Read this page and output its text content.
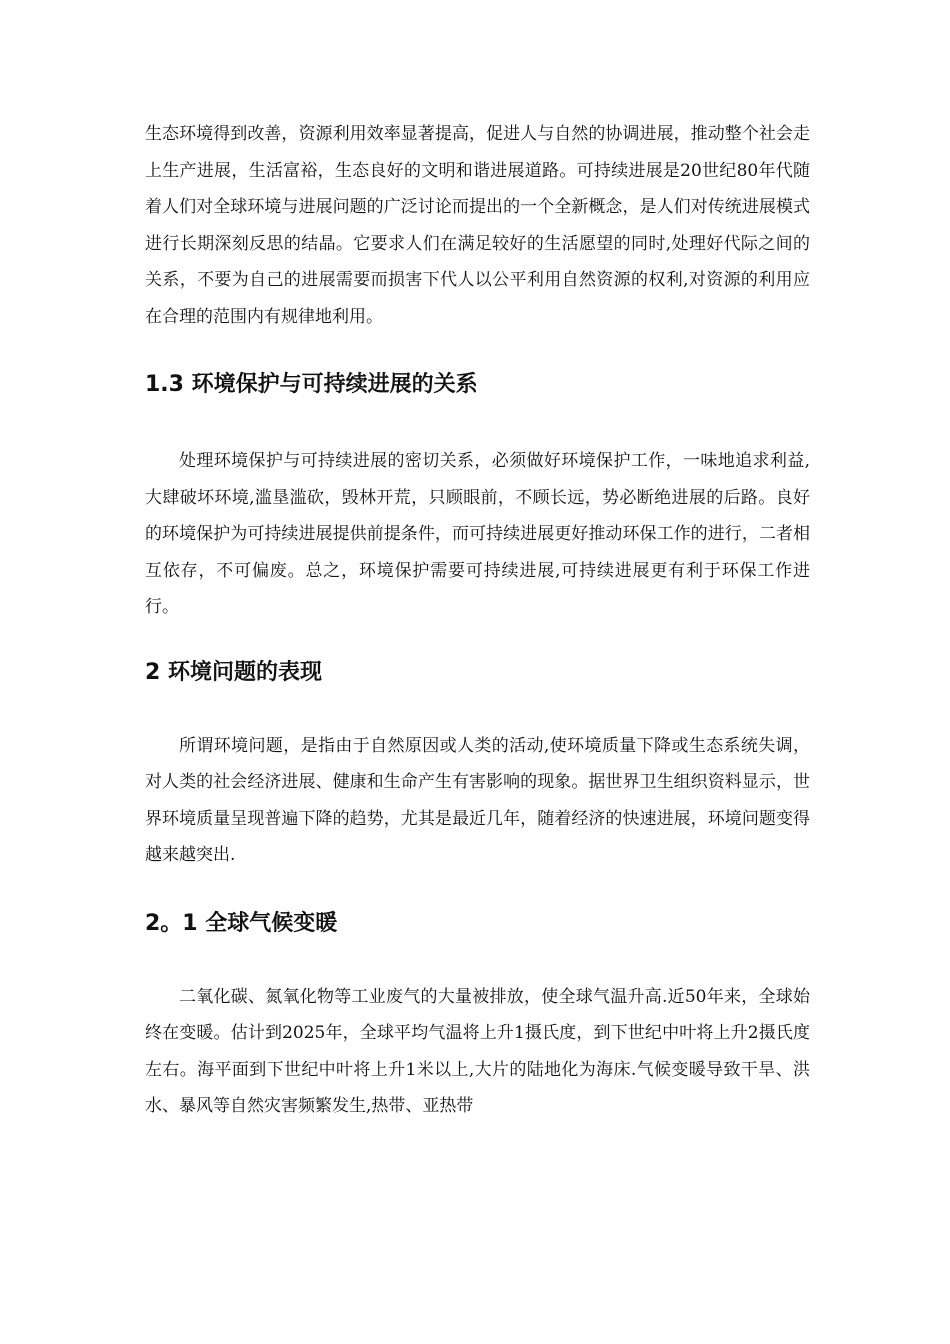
生态环境得到改善，资源利用效率显著提高，促进人与自然的协调进展，推动整个社会走上生产进展，生活富裕，生态良好的文明和谐进展道路。可持续进展是20世纪80年代随着人们对全球环境与进展问题的广泛讨论而提出的一个全新概念，是人们对传统进展模式进行长期深刻反思的结晶。它要求人们在满足较好的生活愿望的同时,处理好代际之间的关系，不要为自己的进展需要而损害下代人以公平利用自然资源的权利,对资源的利用应在合理的范围内有规律地利用。

1.3 环境保护与可持续进展的关系

处理环境保护与可持续进展的密切关系，必须做好环境保护工作，一味地追求利益,大肆破坏环境,滥垦滥砍，毁林开荒，只顾眼前，不顾长远，势必断绝进展的后路。良好的环境保护为可持续进展提供前提条件，而可持续进展更好推动环保工作的进行，二者相互依存，不可偏废。总之，环境保护需要可持续进展,可持续进展更有利于环保工作进行。

2 环境问题的表现

所谓环境问题，是指由于自然原因或人类的活动,使环境质量下降或生态系统失调，对人类的社会经济进展、健康和生命产生有害影响的现象。据世界卫生组织资料显示，世界环境质量呈现普遍下降的趋势，尤其是最近几年，随着经济的快速进展，环境问题变得越来越突出.

2。1 全球气候变暖

二氧化碳、氮氧化物等工业废气的大量被排放，使全球气温升高.近50年来，全球始终在变暖。估计到2025年，全球平均气温将上升1摄氏度，到下世纪中叶将上升2摄氏度左右。海平面到下世纪中叶将上升1米以上,大片的陆地化为海床.气候变暖导致干旱、洪水、暴风等自然灾害频繁发生,热带、亚热带
